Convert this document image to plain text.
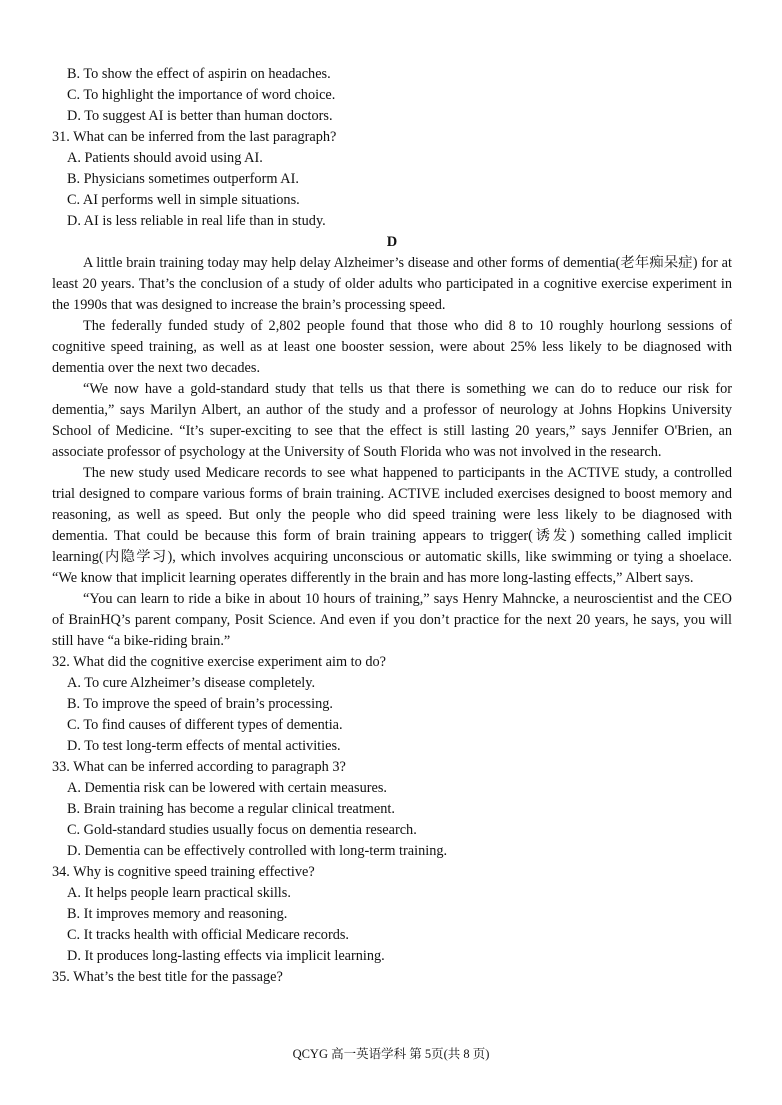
B. To show the effect of aspirin on headaches.
C. To highlight the importance of word choice.
D. To suggest AI is better than human doctors.
31. What can be inferred from the last paragraph?
A. Patients should avoid using AI.
B. Physicians sometimes outperform AI.
C. AI performs well in simple situations.
D. AI is less reliable in real life than in study.
D

A little brain training today may help delay Alzheimer’s disease and other forms of dementia(老年痴呆症) for at least 20 years. That’s the conclusion of a study of older adults who participated in a cognitive exercise experiment in the 1990s that was designed to increase the brain’s processing speed.

The federally funded study of 2,802 people found that those who did 8 to 10 roughly hourlong sessions of cognitive speed training, as well as at least one booster session, were about 25% less likely to be diagnosed with dementia over the next two decades.

“We now have a gold-standard study that tells us that there is something we can do to reduce our risk for dementia,” says Marilyn Albert, an author of the study and a professor of neurology at Johns Hopkins University School of Medicine. “It’s super-exciting to see that the effect is still lasting 20 years,” says Jennifer O'Brien, an associate professor of psychology at the University of South Florida who was not involved in the research.

The new study used Medicare records to see what happened to participants in the ACTIVE study, a controlled trial designed to compare various forms of brain training. ACTIVE included exercises designed to boost memory and reasoning, as well as speed. But only the people who did speed training were less likely to be diagnosed with dementia. That could be because this form of brain training appears to trigger(诱发) something called implicit learning(内隐学习), which involves acquiring unconscious or automatic skills, like swimming or tying a shoelace. “We know that implicit learning operates differently in the brain and has more long-lasting effects,” Albert says.

“You can learn to ride a bike in about 10 hours of training,” says Henry Mahncke, a neuroscientist and the CEO of BrainHQ’s parent company, Posit Science. And even if you don’t practice for the next 20 years, he says, you will still have “a bike-riding brain.”

32. What did the cognitive exercise experiment aim to do?
A. To cure Alzheimer’s disease completely.
B. To improve the speed of brain’s processing.
C. To find causes of different types of dementia.
D. To test long-term effects of mental activities.
33. What can be inferred according to paragraph 3?
A. Dementia risk can be lowered with certain measures.
B. Brain training has become a regular clinical treatment.
C. Gold-standard studies usually focus on dementia research.
D. Dementia can be effectively controlled with long-term training.
34. Why is cognitive speed training effective?
A. It helps people learn practical skills.
B. It improves memory and reasoning.
C. It tracks health with official Medicare records.
D. It produces long-lasting effects via implicit learning.
35. What’s the best title for the passage?
QCYG 高一英语学科 第 5页(共 8 页)
